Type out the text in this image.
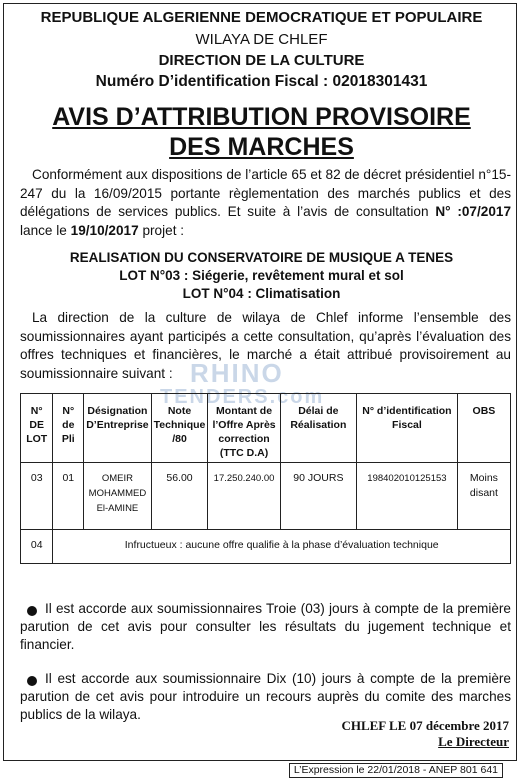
REPUBLIQUE ALGERIENNE DEMOCRATIQUE ET POPULAIRE
WILAYA DE CHLEF
DIRECTION DE LA CULTURE
Numéro D’identification Fiscal : 02018301431
AVIS D’ATTRIBUTION PROVISOIRE
DES MARCHES
Conformément aux dispositions de l’article 65 et 82 de décret présidentiel n°15-247 du la 16/09/2015 portante règlementation des marchés publics et des délégations de services publics. Et suite à l’avis de consultation N° :07/2017 lance le 19/10/2017 projet :
REALISATION DU CONSERVATOIRE DE MUSIQUE A TENES
LOT N°03 : Siégerie, revêtement mural et sol
LOT N°04 : Climatisation
La direction de la culture de wilaya de Chlef informe l’ensemble des soumissionnaires ayant participés a cette consultation, qu’après l’évaluation des offres techniques et financières, le marché a était attribué provisoirement au soumissionnaire suivant : RHINO
TENDERS.com
N° DE LOT	N° de Pli	Désignation D’Entreprise	Note Technique /80	Montant de l’Offre Après correction (TTC D.A)	Délai de Réalisation	N° d’identification Fiscal	OBS
03	01	OMEIR MOHAMMED El-AMINE	56.00	17.250.240.00	90 JOURS	198402010125153	Moins disant
04	Infructueux : aucune offre qualifie à la phase d’évaluation technique						
Il est accorde aux soumissionnaires Troie (03) jours à compte de la première parution de cet avis pour consulter les résultats du jugement technique et financier.
Il est accorde aux soumissionnaire Dix (10) jours à compte de la première parution de cet avis pour introduire un recours auprès du comite des marches publics de la wilaya.
CHLEF LE 07 décembre 2017
Le Directeur
L’Expression le 22/01/2018 - ANEP 801 641
